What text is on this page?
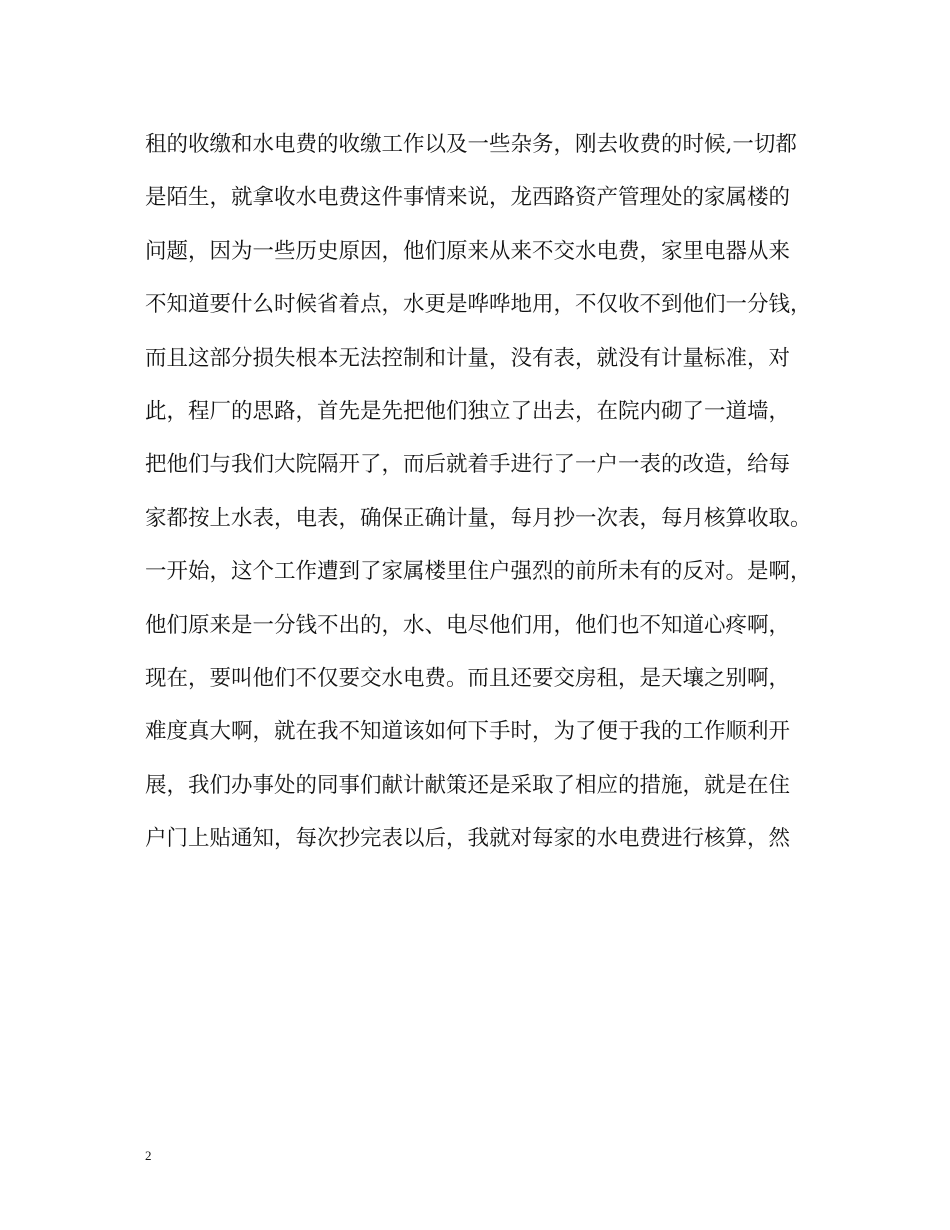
租的收缴和水电费的收缴工作以及一些杂务，刚去收费的时候,一切都
是陌生，就拿收水电费这件事情来说，龙西路资产管理处的家属楼的
问题，因为一些历史原因，他们原来从来不交水电费，家里电器从来
不知道要什么时候省着点，水更是哗哗地用，不仅收不到他们一分钱，
而且这部分损失根本无法控制和计量，没有表，就没有计量标准，对
此，程厂的思路，首先是先把他们独立了出去，在院内砌了一道墙，
把他们与我们大院隔开了，而后就着手进行了一户一表的改造，给每
家都按上水表，电表，确保正确计量，每月抄一次表，每月核算收取。
一开始，这个工作遭到了家属楼里住户强烈的前所未有的反对。是啊，
他们原来是一分钱不出的，水、电尽他们用，他们也不知道心疼啊，
现在，要叫他们不仅要交水电费。而且还要交房租，是天壤之别啊，
难度真大啊，就在我不知道该如何下手时，为了便于我的工作顺利开
展，我们办事处的同事们献计献策还是采取了相应的措施，就是在住
户门上贴通知，每次抄完表以后，我就对每家的水电费进行核算，然
2
